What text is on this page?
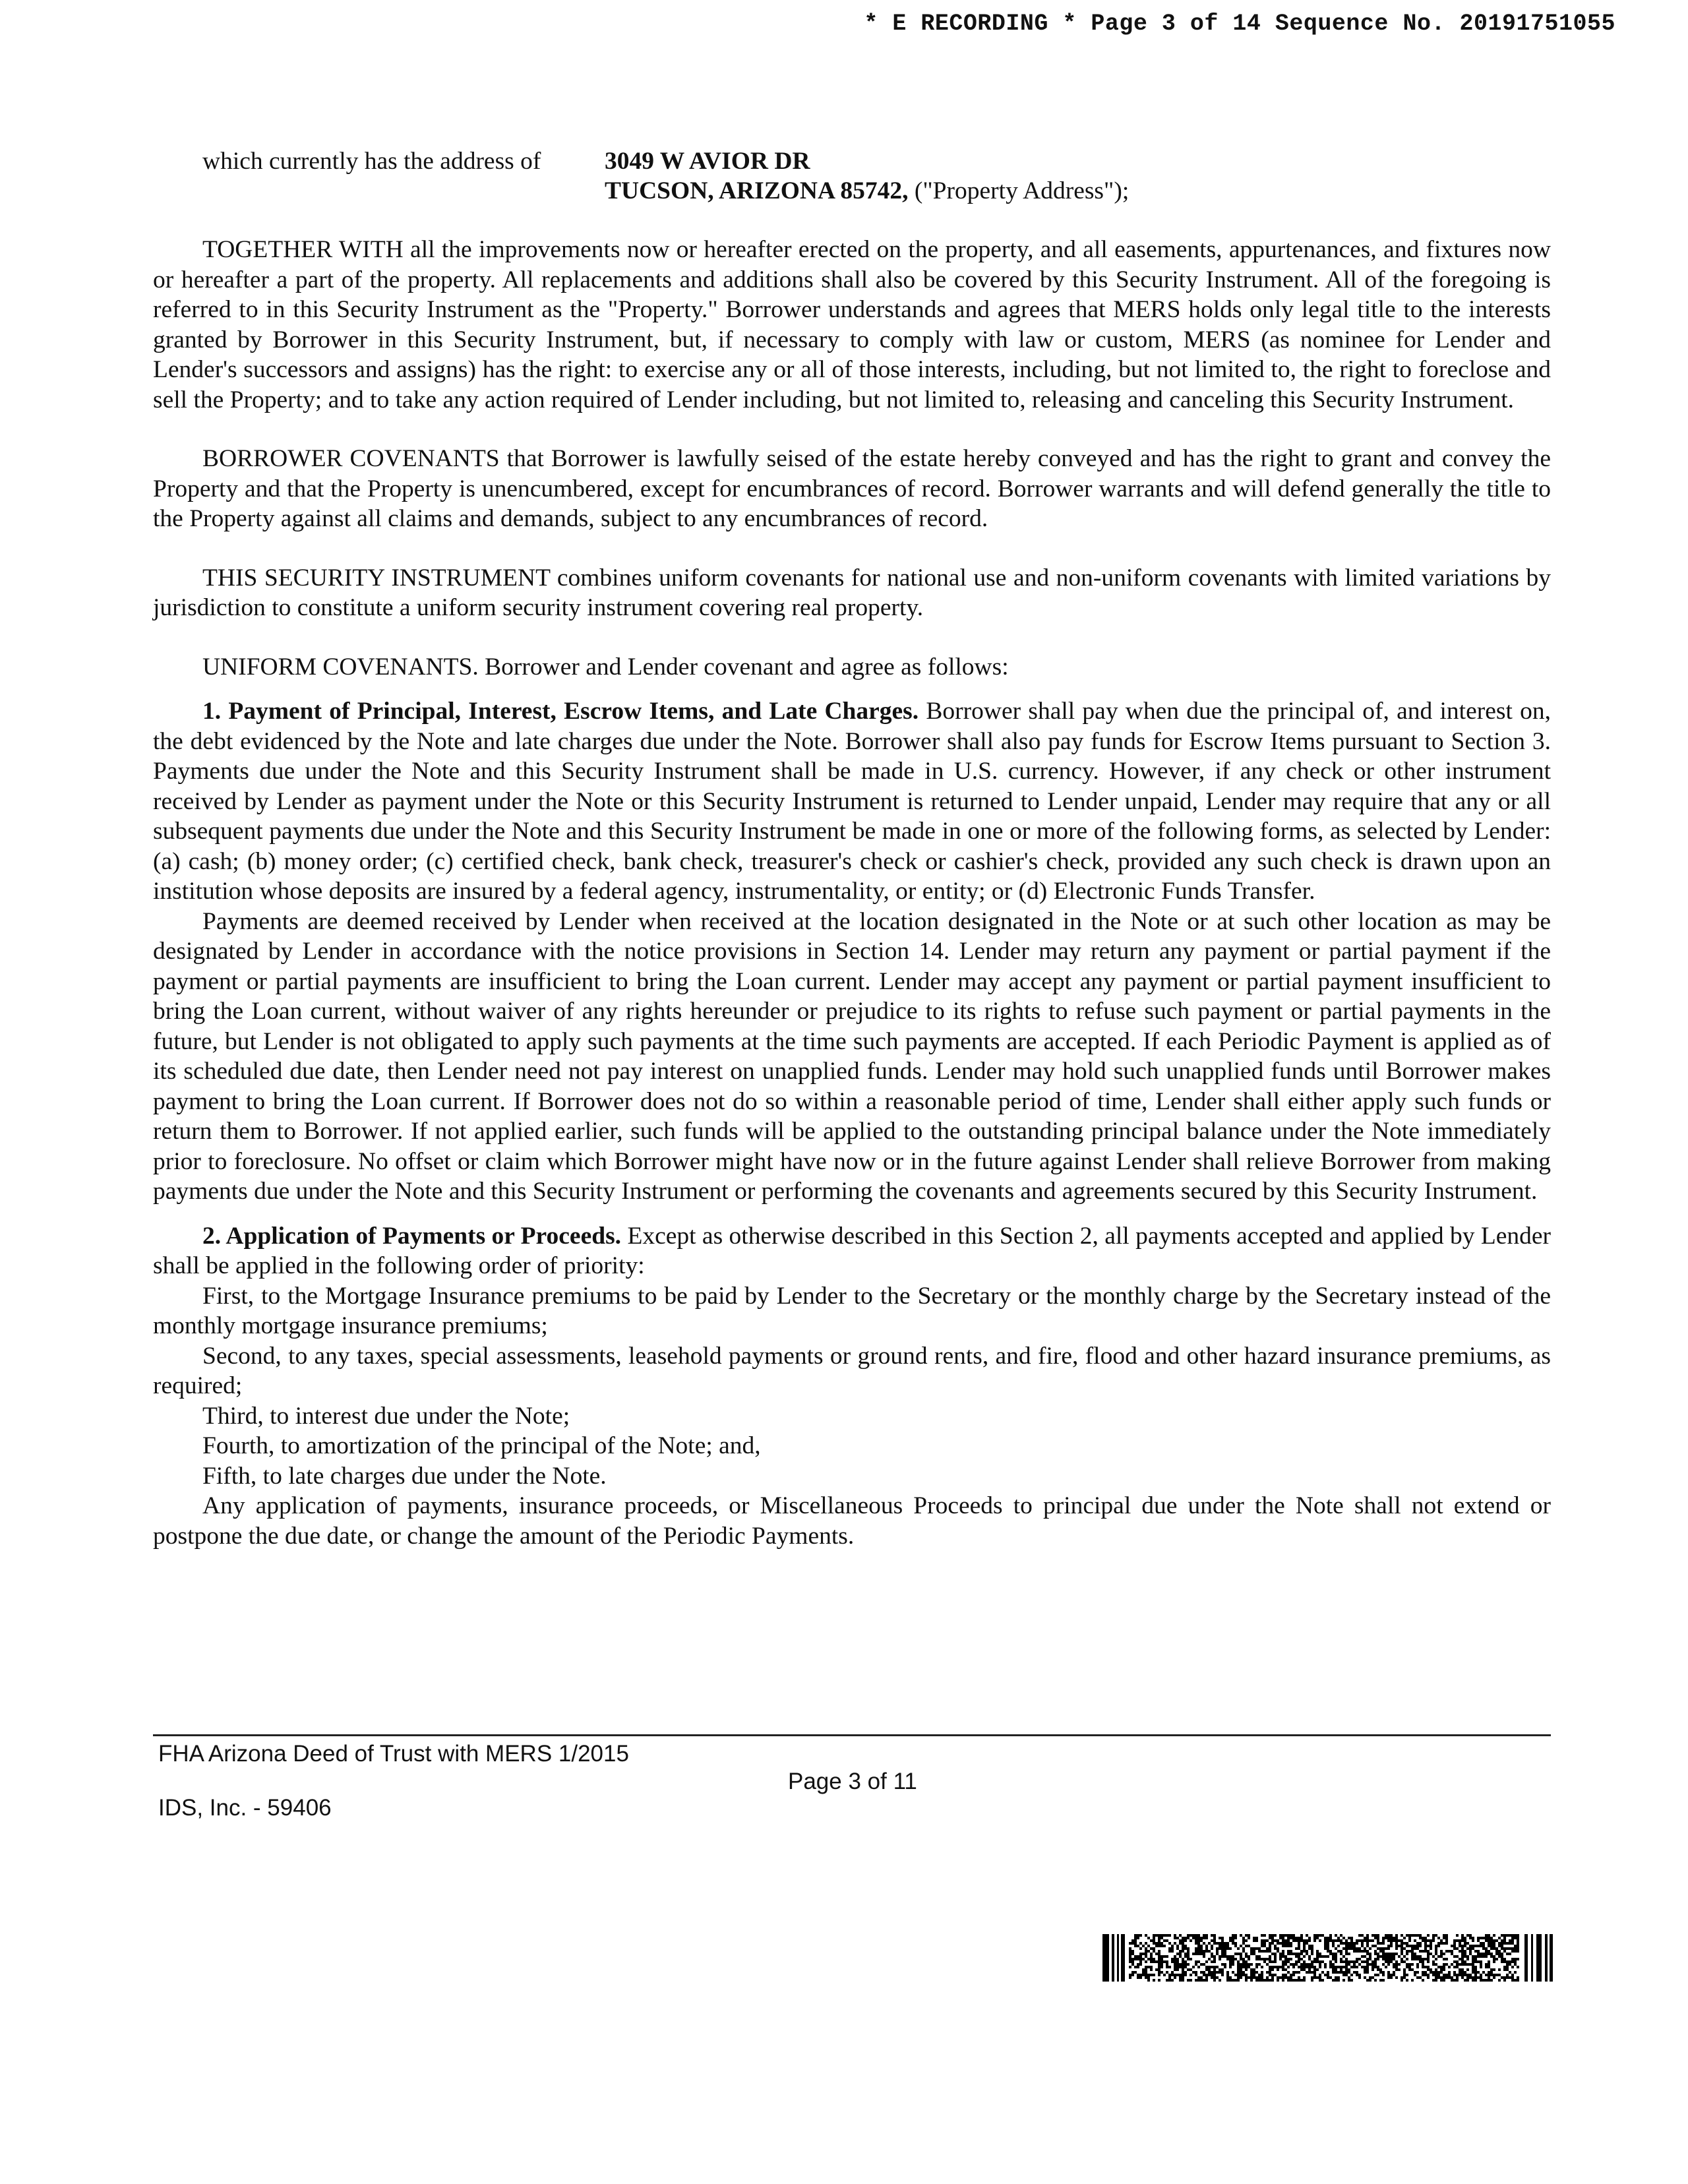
* E RECORDING * Page 3 of 14 Sequence No. 20191751055
which currently has the address of	3049 W AVIOR DR
TUCSON, ARIZONA 85742, ("Property Address");

TOGETHER WITH all the improvements now or hereafter erected on the property, and all easements, appurtenances, and fixtures now or hereafter a part of the property. All replacements and additions shall also be covered by this Security Instrument. All of the foregoing is referred to in this Security Instrument as the "Property." Borrower understands and agrees that MERS holds only legal title to the interests granted by Borrower in this Security Instrument, but, if necessary to comply with law or custom, MERS (as nominee for Lender and Lender's successors and assigns) has the right: to exercise any or all of those interests, including, but not limited to, the right to foreclose and sell the Property; and to take any action required of Lender including, but not limited to, releasing and canceling this Security Instrument.

BORROWER COVENANTS that Borrower is lawfully seised of the estate hereby conveyed and has the right to grant and convey the Property and that the Property is unencumbered, except for encumbrances of record. Borrower warrants and will defend generally the title to the Property against all claims and demands, subject to any encumbrances of record.

THIS SECURITY INSTRUMENT combines uniform covenants for national use and non-uniform covenants with limited variations by jurisdiction to constitute a uniform security instrument covering real property.

UNIFORM COVENANTS. Borrower and Lender covenant and agree as follows:

1. Payment of Principal, Interest, Escrow Items, and Late Charges. Borrower shall pay when due the principal of, and interest on, the debt evidenced by the Note and late charges due under the Note. Borrower shall also pay funds for Escrow Items pursuant to Section 3. Payments due under the Note and this Security Instrument shall be made in U.S. currency. However, if any check or other instrument received by Lender as payment under the Note or this Security Instrument is returned to Lender unpaid, Lender may require that any or all subsequent payments due under the Note and this Security Instrument be made in one or more of the following forms, as selected by Lender: (a) cash; (b) money order; (c) certified check, bank check, treasurer's check or cashier's check, provided any such check is drawn upon an institution whose deposits are insured by a federal agency, instrumentality, or entity; or (d) Electronic Funds Transfer.

Payments are deemed received by Lender when received at the location designated in the Note or at such other location as may be designated by Lender in accordance with the notice provisions in Section 14. Lender may return any payment or partial payment if the payment or partial payments are insufficient to bring the Loan current. Lender may accept any payment or partial payment insufficient to bring the Loan current, without waiver of any rights hereunder or prejudice to its rights to refuse such payment or partial payments in the future, but Lender is not obligated to apply such payments at the time such payments are accepted. If each Periodic Payment is applied as of its scheduled due date, then Lender need not pay interest on unapplied funds. Lender may hold such unapplied funds until Borrower makes payment to bring the Loan current. If Borrower does not do so within a reasonable period of time, Lender shall either apply such funds or return them to Borrower. If not applied earlier, such funds will be applied to the outstanding principal balance under the Note immediately prior to foreclosure. No offset or claim which Borrower might have now or in the future against Lender shall relieve Borrower from making payments due under the Note and this Security Instrument or performing the covenants and agreements secured by this Security Instrument.

2. Application of Payments or Proceeds. Except as otherwise described in this Section 2, all payments accepted and applied by Lender shall be applied in the following order of priority:

First, to the Mortgage Insurance premiums to be paid by Lender to the Secretary or the monthly charge by the Secretary instead of the monthly mortgage insurance premiums;

Second, to any taxes, special assessments, leasehold payments or ground rents, and fire, flood and other hazard insurance premiums, as required;

Third, to interest due under the Note;

Fourth, to amortization of the principal of the Note; and,

Fifth, to late charges due under the Note.

Any application of payments, insurance proceeds, or Miscellaneous Proceeds to principal due under the Note shall not extend or postpone the due date, or change the amount of the Periodic Payments.

FHA Arizona Deed of Trust with MERS 1/2015
Page 3 of 11
IDS, Inc. - 59406
